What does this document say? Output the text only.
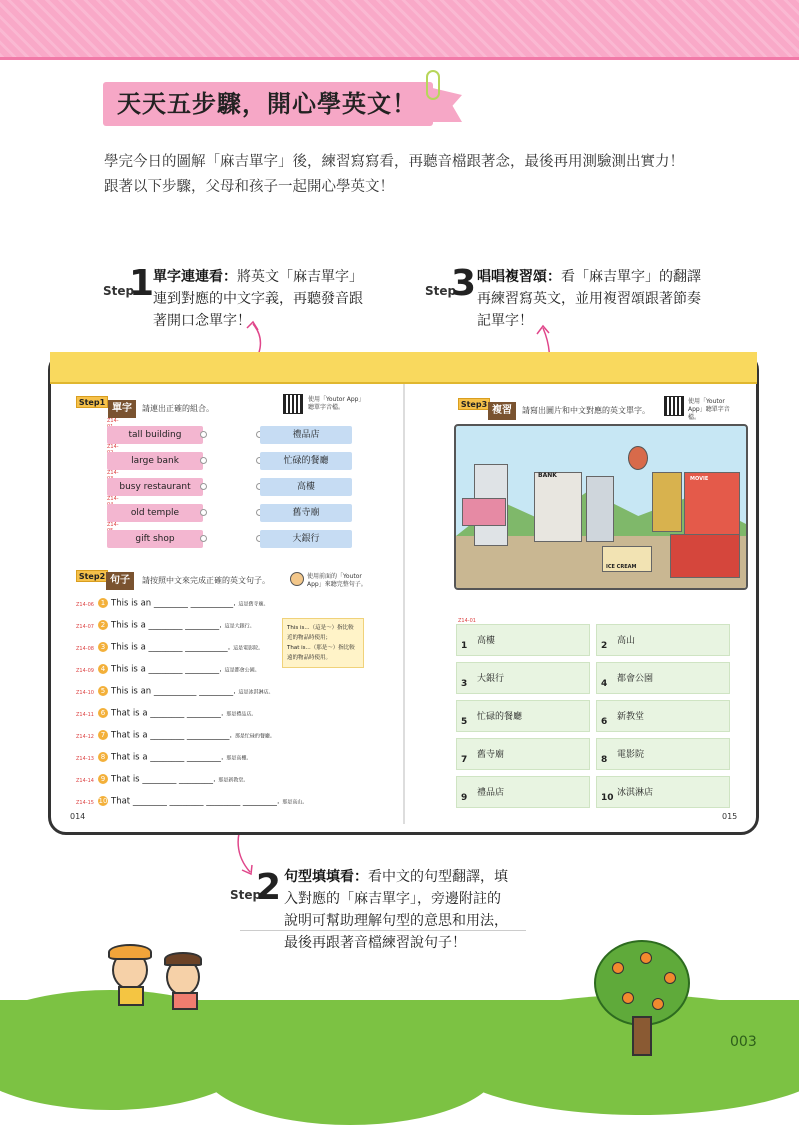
天天五步驟，開心學英文！
學完今日的圖解「麻吉單字」後，練習寫寫看，再聽音檔跟著念，最後再用測驗測出實力！
跟著以下步驟，父母和孩子一起開心學英文！
Step
1
單字連連看：將英文「麻吉單字」
連到對應的中文字義，再聽發音跟
著開口念單字！
Step
3 唱唱複習頌：看「麻吉單字」的翻譯
再練習寫英文，並用複習頌跟著節奏
記單字！
Step1
單字	請連出正確的組合。
使用「Youtor App」聽單字音檔。
Z14-
tall building
Z14-
large bank
Z14-
busy restaurant
Z14-
old temple
Z14-
gift shop
禮品店
忙碌的餐廳
高樓
舊寺廟
大銀行
Step2 句子	請按照中文來完成正確的英文句子。	使用前面的「Youtor App」來聽完整句子。
This is...（這是～）指比較
近的物品時使用；
That is...（那是～）指比較
遠的物品時使用。
Z14-06 1 This is an ________ __________. 這是舊寺廟。
Z14-07 2 This is a ________ ________. 這是大銀行。
Z14-08 3 This is a ________ __________. 這是電影院。
Z14-09 4 This is a ________ ________. 這是都會公園。
Z14-10 5 This is an __________ ________. 這是冰淇淋店。
Z14-11 6 That is a ________ ________. 那是禮品店。
Z14-12 7 That is a ________ __________. 那是忙碌的餐廳。
Z14-13 8 That is a ________ ________. 那是高樓。
Z14-14 9 That is ________ ________. 那是新教堂。
Z14-15 10 That ________ ________ ________ ________. 那是高山。
014
Step3
複習	請寫出圖片和中文對應的英文單字。
使用「Youtor App」聽單字音檔。
BANK	MOVIE
ICE CREAM
Z14-01
1 高樓	2 高山
3 大銀行	4 都會公園
5 忙碌的餐廳	6 新教堂
7 舊寺廟	8 電影院
9 禮品店	10 冰淇淋店
015
Step
2 句型填填看：看中文的句型翻譯，填
入對應的「麻吉單字」，旁邊附註的
說明可幫助理解句型的意思和用法，
最後再跟著音檔練習說句子！
003
